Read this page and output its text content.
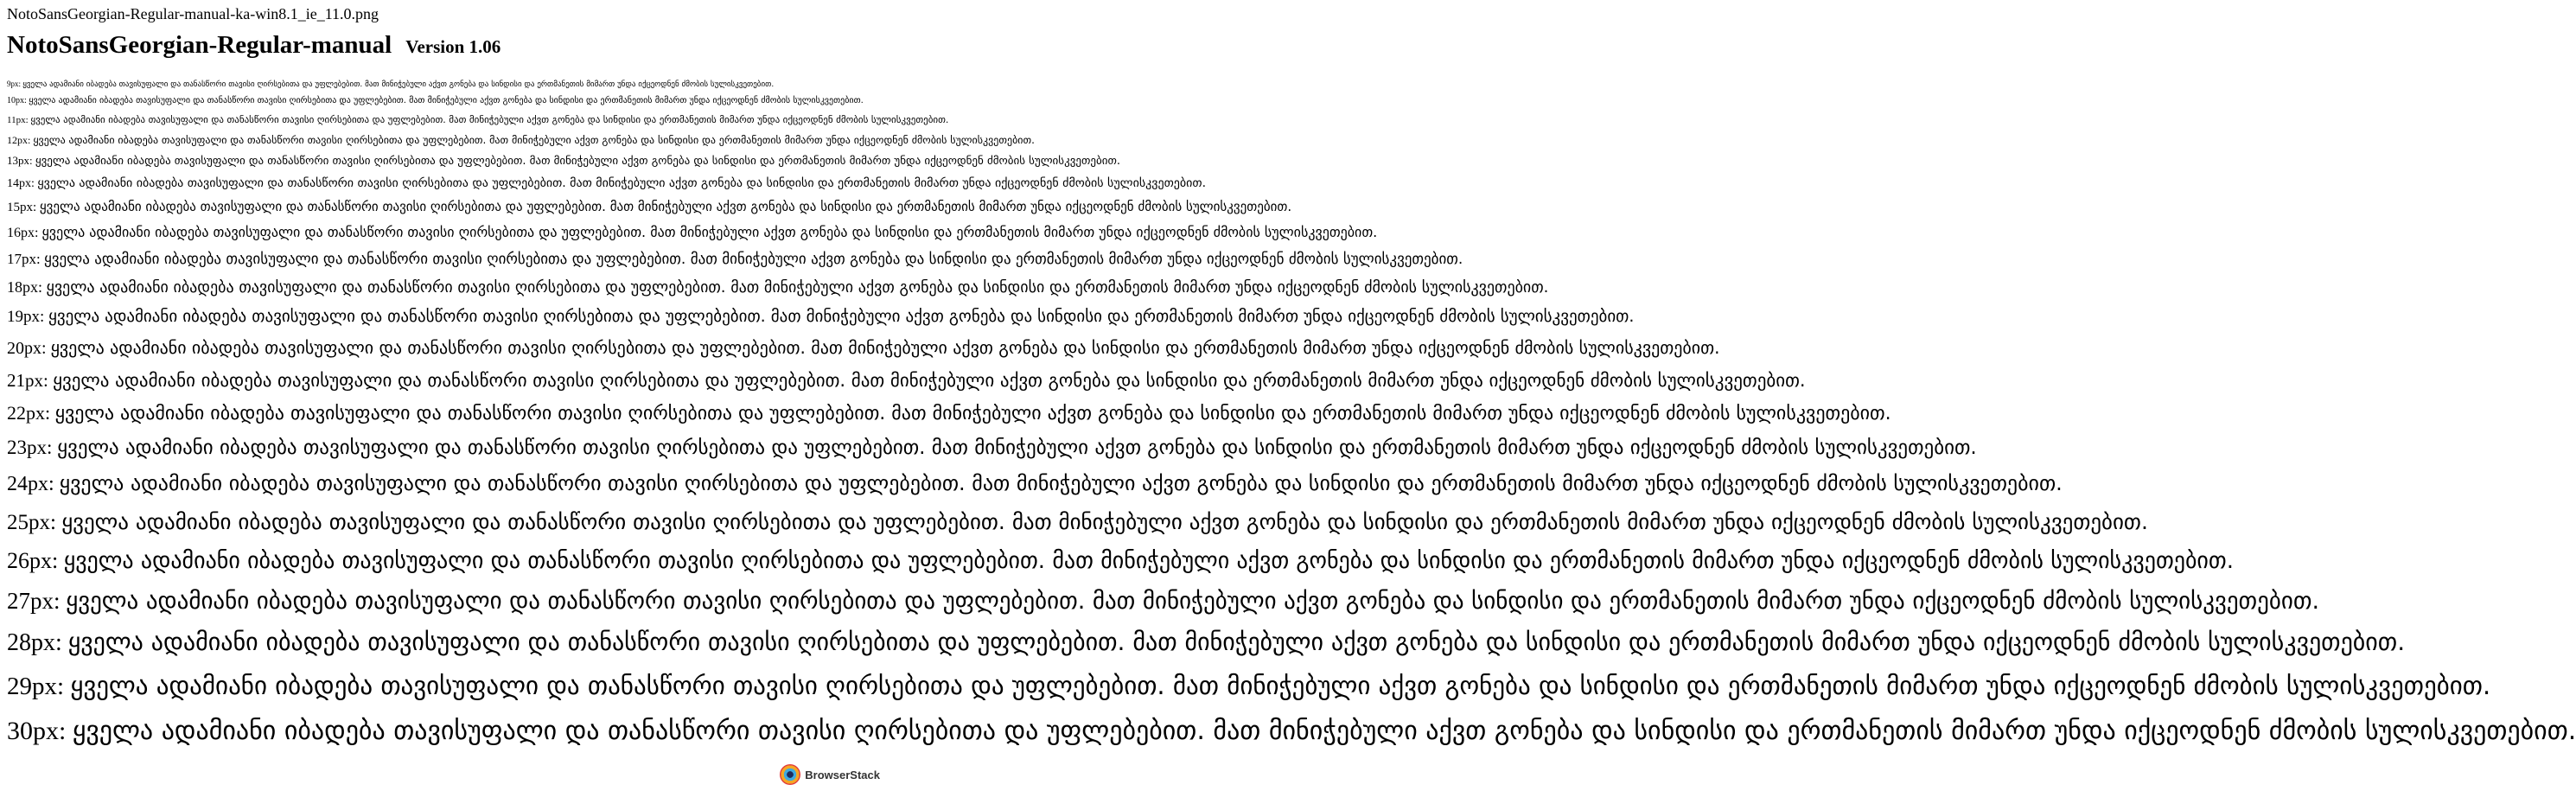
NotoSansGeorgian-Regular-manual-ka-win8.1_ie_11.0.png
NotoSansGeorgian-Regular-manual Version 1.06
9px: ყველა ადამიანი იბადება თავისუფალი და თანასწორი თავისი ღირსებითა და უფლებებით. მათ მინიჭებული აქვთ გონება და სინდისი და ერთმანეთის მიმართ უნდა იქცეოდნენ ძმობის სულისკვეთებით.
10px: ყველა ადამიანი იბადება თავისუფალი და თანასწორი თავისი ღირსებითა და უფლებებით. მათ მინიჭებული აქვთ გონება და სინდისი და ერთმანეთის მიმართ უნდა იქცეოდნენ ძმობის სულისკვეთებით.
11px: ყველა ადამიანი იბადება თავისუფალი და თანასწორი თავისი ღირსებითა და უფლებებით. მათ მინიჭებული აქვთ გონება და სინდისი და ერთმანეთის მიმართ უნდა იქცეოდნენ ძმობის სულისკვეთებით.
12px: ყველა ადამიანი იბადება თავისუფალი და თანასწორი თავისი ღირსებითა და უფლებებით. მათ მინიჭებული აქვთ გონება და სინდისი და ერთმანეთის მიმართ უნდა იქცეოდნენ ძმობის სულისკვეთებით.
13px: ყველა ადამიანი იბადება თავისუფალი და თანასწორი თავისი ღირსებითა და უფლებებით. მათ მინიჭებული აქვთ გონება და სინდისი და ერთმანეთის მიმართ უნდა იქცეოდნენ ძმობის სულისკვეთებით.
14px: ყველა ადამიანი იბადება თავისუფალი და თანასწორი თავისი ღირსებითა და უფლებებით. მათ მინიჭებული აქვთ გონება და სინდისი და ერთმანეთის მიმართ უნდა იქცეოდნენ ძმობის სულისკვეთებით.
15px: ყველა ადამიანი იბადება თავისუფალი და თანასწორი თავისი ღირსებითა და უფლებებით. მათ მინიჭებული აქვთ გონება და სინდისი და ერთმანეთის მიმართ უნდა იქცეოდნენ ძმობის სულისკვეთებით.
16px: ყველა ადამიანი იბადება თავისუფალი და თანასწორი თავისი ღირსებითა და უფლებებით. მათ მინიჭებული აქვთ გონება და სინდისი და ერთმანეთის მიმართ უნდა იქცეოდნენ ძმობის სულისკვეთებით.
17px: ყველა ადამიანი იბადება თავისუფალი და თანასწორი თავისი ღირსებითა და უფლებებით. მათ მინიჭებული აქვთ გონება და სინდისი და ერთმანეთის მიმართ უნდა იქცეოდნენ ძმობის სულისკვეთებით.
18px: ყველა ადამიანი იბადება თავისუფალი და თანასწორი თავისი ღირსებითა და უფლებებით. მათ მინიჭებული აქვთ გონება და სინდისი და ერთმანეთის მიმართ უნდა იქცეოდნენ ძმობის სულისკვეთებით.
19px: ყველა ადამიანი იბადება თავისუფალი და თანასწორი თავისი ღირსებითა და უფლებებით. მათ მინიჭებული აქვთ გონება და სინდისი და ერთმანეთის მიმართ უნდა იქცეოდნენ ძმობის სულისკვეთებით.
20px: ყველა ადამიანი იბადება თავისუფალი და თანასწორი თავისი ღირსებითა და უფლებებით. მათ მინიჭებული აქვთ გონება და სინდისი და ერთმანეთის მიმართ უნდა იქცეოდნენ ძმობის სულისკვეთებით.
21px: ყველა ადამიანი იბადება თავისუფალი და თანასწორი თავისი ღირსებითა და უფლებებით. მათ მინიჭებული აქვთ გონება და სინდისი და ერთმანეთის მიმართ უნდა იქცეოდნენ ძმობის სულისკვეთებით.
22px: ყველა ადამიანი იბადება თავისუფალი და თანასწორი თავისი ღირსებითა და უფლებებით. მათ მინიჭებული აქვთ გონება და სინდისი და ერთმანეთის მიმართ უნდა იქცეოდნენ ძმობის სულისკვეთებით.
23px: ყველა ადამიანი იბადება თავისუფალი და თანასწორი თავისი ღირსებითა და უფლებებით. მათ მინიჭებული აქვთ გონება და სინდისი და ერთმანეთის მიმართ უნდა იქცეოდნენ ძმობის სულისკვეთებით.
24px: ყველა ადამიანი იბადება თავისუფალი და თანასწორი თავისი ღირსებითა და უფლებებით. მათ მინიჭებული აქვთ გონება და სინდისი და ერთმანეთის მიმართ უნდა იქცეოდნენ ძმობის სულისკვეთებით.
25px: ყველა ადამიანი იბადება თავისუფალი და თანასწორი თავისი ღირსებითა და უფლებებით. მათ მინიჭებული აქვთ გონება და სინდისი და ერთმანეთის მიმართ უნდა იქცეოდნენ ძმობის სულისკვეთებით.
26px: ყველა ადამიანი იბადება თავისუფალი და თანასწორი თავისი ღირსებითა და უფლებებით. მათ მინიჭებული აქვთ გონება და სინდისი და ერთმანეთის მიმართ უნდა იქცეოდნენ ძმობის სულისკვეთებით.
27px: ყველა ადამიანი იბადება თავისუფალი და თანასწორი თავისი ღირსებითა და უფლებებით. მათ მინიჭებული აქვთ გონება და სინდისი და ერთმანეთის მიმართ უნდა იქცეოდნენ ძმობის სულისკვეთებით.
28px: ყველა ადამიანი იბადება თავისუფალი და თანასწორი თავისი ღირსებითა და უფლებებით. მათ მინიჭებული აქვთ გონება და სინდისი და ერთმანეთის მიმართ უნდა იქცეოდნენ ძმობის სულისკვეთებით.
29px: ყველა ადამიანი იბადება თავისუფალი და თანასწორი თავისი ღირსებითა და უფლებებით. მათ მინიჭებული აქვთ გონება და სინდისი და ერთმანეთის მიმართ უნდა იქცეოდნენ ძმობის სულისკვეთებით.
30px: ყველა ადამიანი იბადება თავისუფალი და თანასწორი თავისი ღირსებითა და უფლებებით. მათ მინიჭებული აქვთ გონება და სინდისი და ერთმანეთის მიმართ უნდა იქცეოდნენ ძმობის სულისკვეთებით.
BrowserStack
